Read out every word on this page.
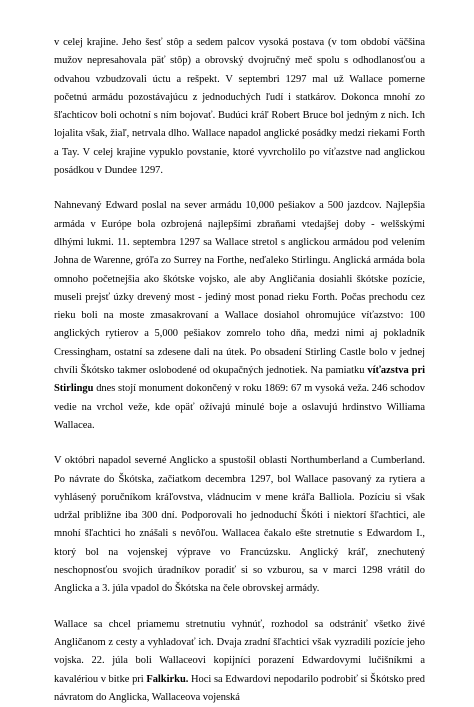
v celej krajine. Jeho šesť stôp a sedem palcov vysoká postava (v tom období väčšina mužov nepresahovala päť stôp) a obrovský dvojručný meč spolu s odhodlanosťou a odvahou vzbudzovali úctu a rešpekt. V septembri 1297 mal už Wallace pomerne početnú armádu pozostávajúcu z jednoduchých ľudí i statkárov. Dokonca mnohí zo šľachticov boli ochotní s ním bojovať. Budúci kráľ Robert Bruce bol jedným z nich. Ich lojalita však, žiaľ, netrvala dlho. Wallace napadol anglické posádky medzi riekami Forth a Tay. V celej krajine vypuklo povstanie, ktoré vyvrcholilo po víťazstve nad anglickou posádkou v Dundee 1297.

Nahnevaný Edward poslal na sever armádu 10,000 pešiakov a 500 jazdcov. Najlepšia armáda v Európe bola ozbrojená najlepšími zbraňami vtedajšej doby - welšskými dlhými lukmi. 11. septembra 1297 sa Wallace stretol s anglickou armádou pod velením Johna de Warenne, gróľa zo Surrey na Forthe, neďaleko Stirlingu. Anglická armáda bola omnoho početnejšia ako škótske vojsko, ale aby Angličania dosiahli škótske pozície, museli prejsť úzky drevený most - jediný most ponad rieku Forth. Počas prechodu cez rieku boli na moste zmasakrovaní a Wallace dosiahol ohromujúce víťazstvo: 100 anglických rytierov a 5,000 pešiakov zomrelo toho dňa, medzi nimi aj pokladník Cressingham, ostatní sa zdesene dali na útek. Po obsadení Stirling Castle bolo v jednej chvíli Škótsko takmer oslobodené od okupačných jednotiek. Na pamiatku víťazstva pri Stirlingu dnes stojí monument dokončený v roku 1869: 67 m vysoká veža. 246 schodov vedie na vrchol veže, kde opäť ožívajú minulé boje a oslavujú hrdinstvo Williama Wallacea.

V októbri napadol severné Anglicko a spustošil oblasti Northumberland a Cumberland. Po návrate do Škótska, začiatkom decembra 1297, bol Wallace pasovaný za rytiera a vyhlásený poručníkom kráľovstva, vládnucim v mene kráľa Balliola. Pozíciu si však udržal približne iba 300 dní. Podporovali ho jednoduchí Škóti i niektorí šľachtici, ale mnohí šľachtici ho znášali s nevôľou. Wallacea čakalo ešte stretnutie s Edwardom I., ktorý bol na vojenskej výprave vo Francúzsku. Anglický kráľ, znechutený neschopnosťou svojich úradníkov poradiť si so vzburou, sa v marci 1298 vrátil do Anglicka a 3. júla vpadol do Škótska na čele obrovskej armády.

Wallace sa chcel priamemu stretnutiu vyhnúť, rozhodol sa odstrániť všetko živé Angličanom z cesty a vyhladovať ich. Dvaja zradní šľachtici však vyzradili pozície jeho vojska. 22. júla boli Wallaceovi kopijníci porazení Edwardovymi lučišníkmi a kavalériou v bitke pri Falkirku. Hoci sa Edwardovi nepodarilo podrobiť si Škótsko pred návratom do Anglicka, Wallaceova vojenská
